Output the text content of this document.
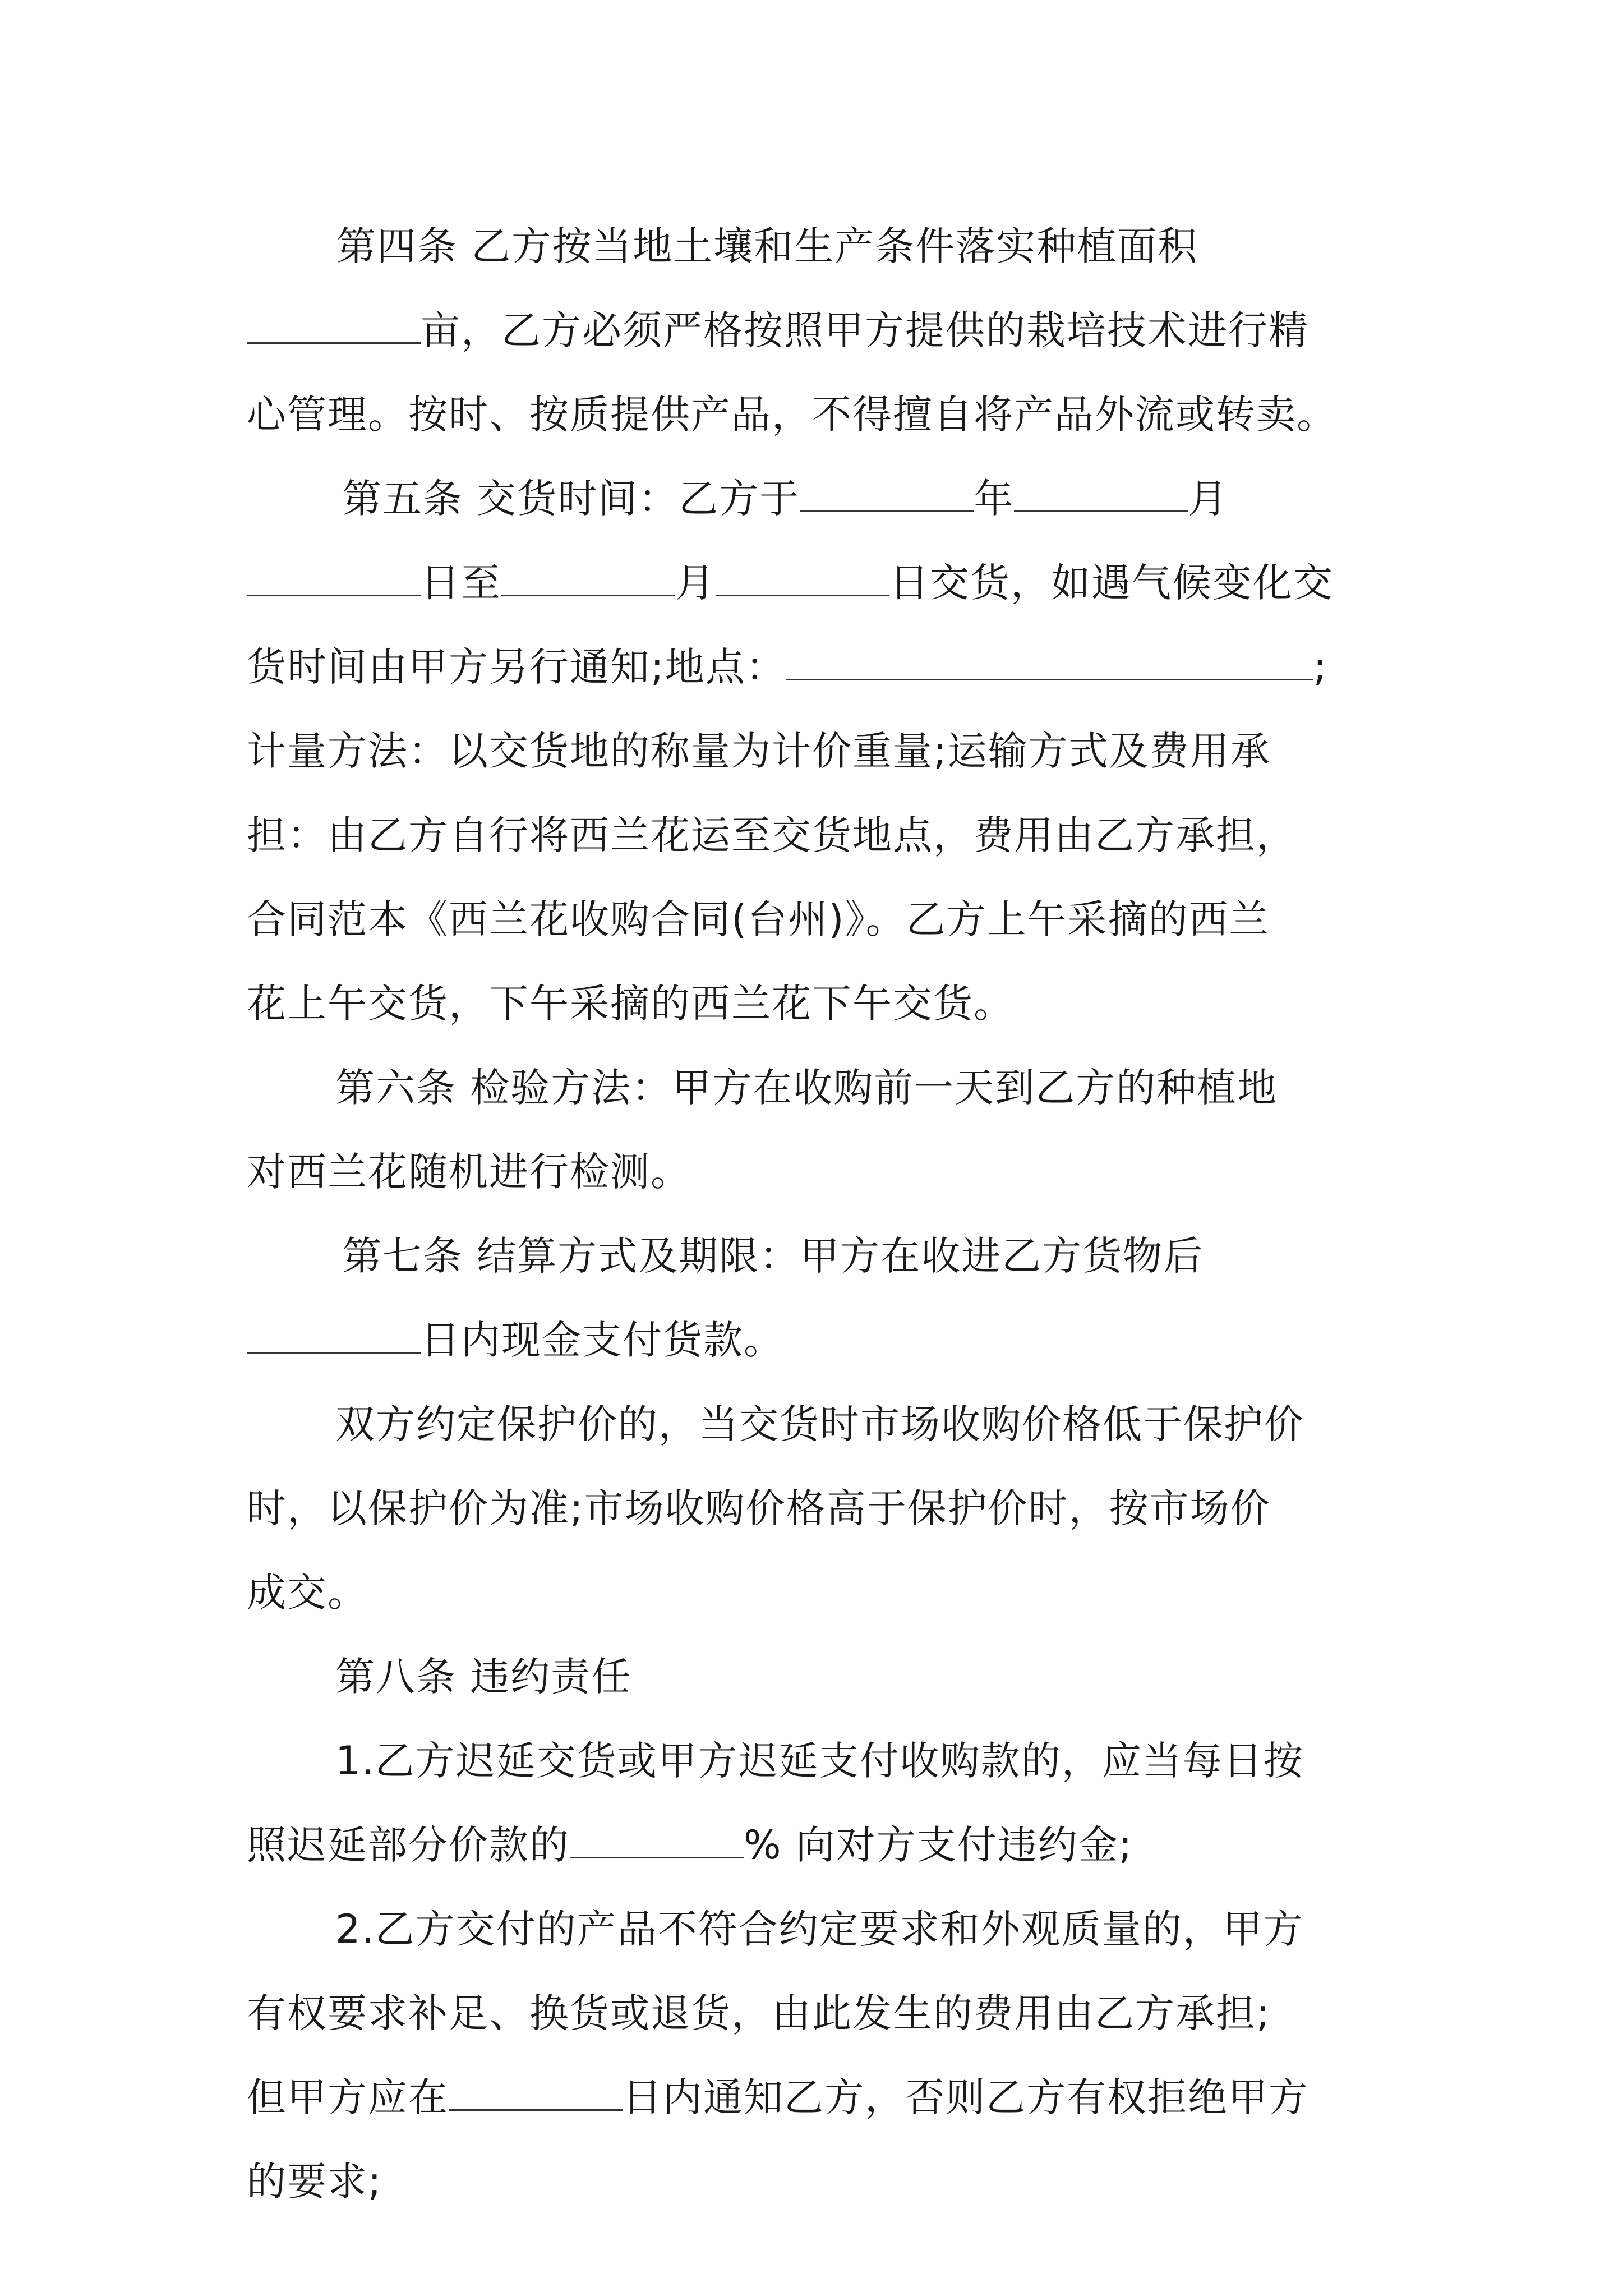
第四条 乙方按当地土壤和生产条件落实种植面积
亩，乙方必须严格按照甲方提供的栽培技术进行精
心管理。按时、按质提供产品，不得擅自将产品外流或转卖。
第五条 交货时间：乙方于	年	月
日至	月	日交货，如遇气候变化交
货时间由甲方另行通知;地点：	;
计量方法：以交货地的称量为计价重量;运输方式及费用承
担：由乙方自行将西兰花运至交货地点，费用由乙方承担，
合同范本《西兰花收购合同(台州)》。乙方上午采摘的西兰
花上午交货，下午采摘的西兰花下午交货。
第六条 检验方法：甲方在收购前一天到乙方的种植地
对西兰花随机进行检测。
第七条 结算方式及期限：甲方在收进乙方货物后
日内现金支付货款。
双方约定保护价的，当交货时市场收购价格低于保护价
时，以保护价为准;市场收购价格高于保护价时，按市场价
成交。
第八条 违约责任
1.乙方迟延交货或甲方迟延支付收购款的，应当每日按
照迟延部分价款的	% 向对方支付违约金;
2.乙方交付的产品不符合约定要求和外观质量的，甲方
有权要求补足、换货或退货，由此发生的费用由乙方承担;
但甲方应在	日内通知乙方，否则乙方有权拒绝甲方
的要求;
